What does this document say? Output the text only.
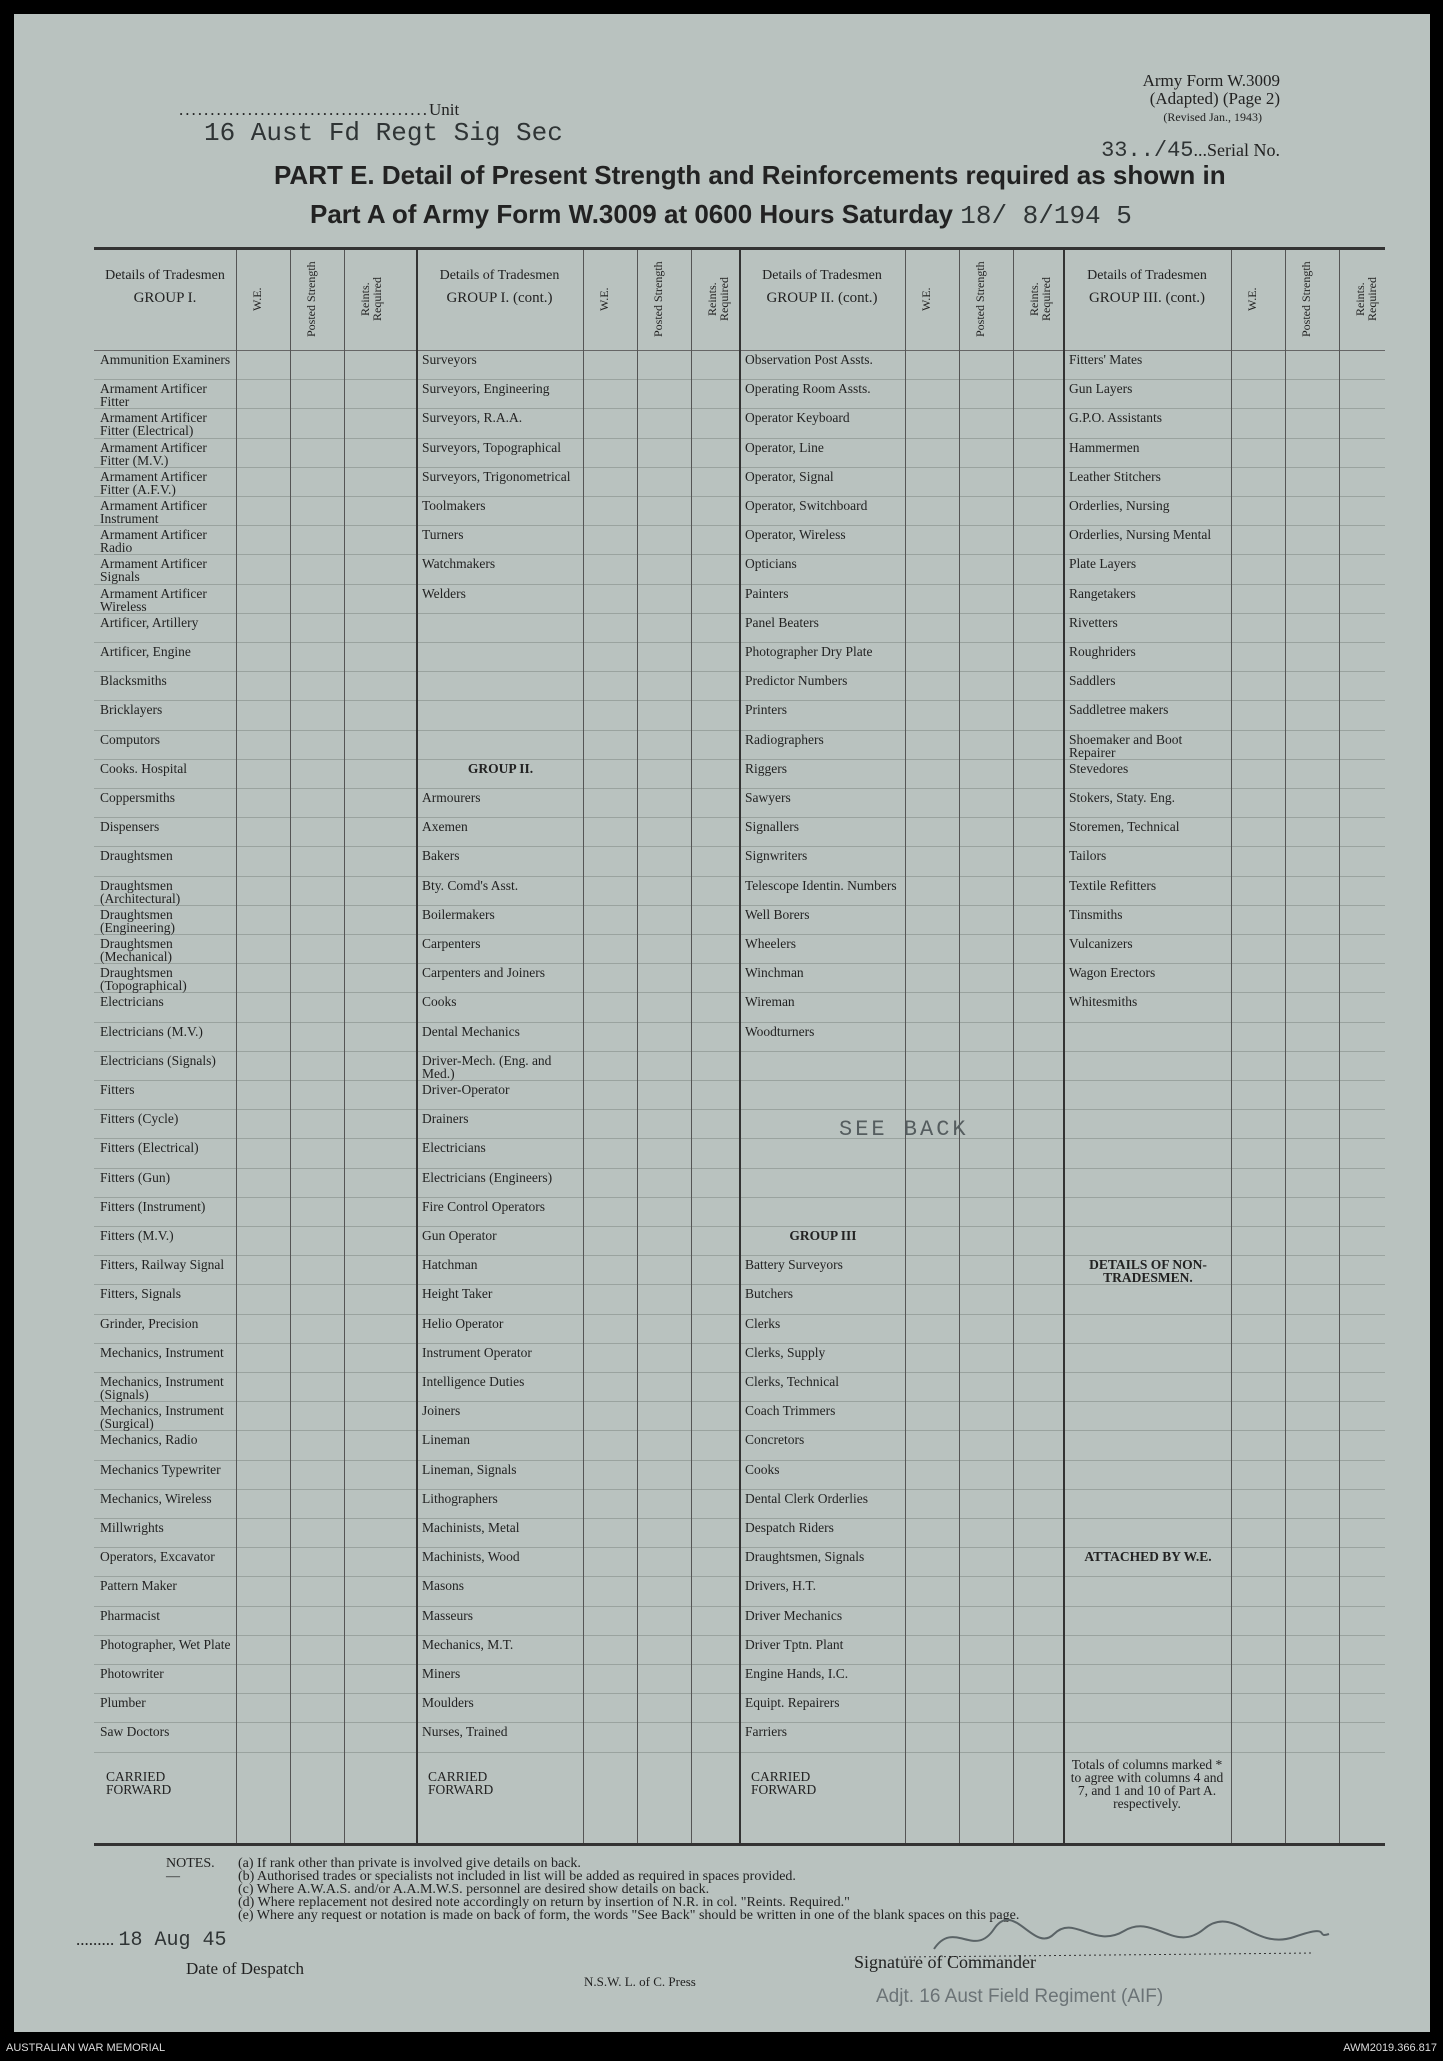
Army Form W.3009
(Adapted) (Page 2)
(Revised Jan., 1943)
........................................Unit
16 Aust Fd Regt Sig Sec
33../45...Serial No.
PART E. Detail of Present Strength and Reinforcements required as shown in
Part A of Army Form W.3009 at 0600 Hours Saturday 18/ 8/194 5
Details of Tradesmen
GROUP I.	W.E.	Posted Strength	Reints. Required
Ammunition Examiners
Armament Artificer Fitter
Armament Artificer Fitter (Electrical)
Armament Artificer Fitter (M.V.)
Armament Artificer Fitter (A.F.V.)
Armament Artificer Instrument
Armament Artificer Radio
Armament Artificer Signals
Armament Artificer Wireless
Artificer, Artillery
Artificer, Engine
Blacksmiths
Bricklayers
Computors
Cooks. Hospital
Coppersmiths
Dispensers
Draughtsmen
Draughtsmen (Architectural)
Draughtsmen (Engineering)
Draughtsmen (Mechanical)
Draughtsmen (Topographical)
Electricians
Electricians (M.V.)
Electricians (Signals)
Fitters
Fitters (Cycle)
Fitters (Electrical)
Fitters (Gun)
Fitters (Instrument)
Fitters (M.V.)
Fitters, Railway Signal
Fitters, Signals
Grinder, Precision
Mechanics, Instrument
Mechanics, Instrument (Signals)
Mechanics, Instrument (Surgical)
Mechanics, Radio
Mechanics Typewriter
Mechanics, Wireless
Millwrights
Operators, Excavator
Pattern Maker
Pharmacist
Photographer, Wet Plate
Photowriter
Plumber
Saw Doctors
CARRIED FORWARD
Details of Tradesmen
GROUP I. (cont.)	W.E.	Posted Strength	Reints. Required
Surveyors
Surveyors, Engineering
Surveyors, R.A.A.
Surveyors, Topographical
Surveyors, Trigonometrical
Toolmakers
Turners
Watchmakers
Welders
GROUP II.
Armourers
Axemen
Bakers
Bty. Comd's Asst.
Boilermakers
Carpenters
Carpenters and Joiners
Cooks
Dental Mechanics
Driver-Mech. (Eng. and Med.)
Driver-Operator
Drainers
Electricians
Electricians (Engineers)
Fire Control Operators
Gun Operator
Hatchman
Height Taker
Helio Operator
Instrument Operator
Intelligence Duties
Joiners
Lineman
Lineman, Signals
Lithographers
Machinists, Metal
Machinists, Wood
Masons
Masseurs
Mechanics, M.T.
Miners
Moulders
Nurses, Trained
CARRIED FORWARD
Details of Tradesmen
GROUP II. (cont.)	W.E.	Posted Strength	Reints. Required
Observation Post Assts.
Operating Room Assts.
Operator Keyboard
Operator, Line
Operator, Signal
Operator, Switchboard
Operator, Wireless
Opticians
Painters
Panel Beaters
Photographer Dry Plate
Predictor Numbers
Printers
Radiographers
Riggers
Sawyers
Signallers
Signwriters
Telescope Identin. Numbers
Well Borers
Wheelers
Winchman
Wireman
Woodturners
GROUP III
Battery Surveyors
Butchers
Clerks
Clerks, Supply
Clerks, Technical
Coach Trimmers
Concretors
Cooks
Dental Clerk Orderlies
Despatch Riders
Draughtsmen, Signals
Drivers, H.T.
Driver Mechanics
Driver Tptn. Plant
Engine Hands, I.C.
Equipt. Repairers
Farriers
CARRIED FORWARD
Details of Tradesmen
GROUP III. (cont.)	W.E.	Posted Strength	Reints. Required
Fitters' Mates
Gun Layers
G.P.O. Assistants
Hammermen
Leather Stitchers
Orderlies, Nursing
Orderlies, Nursing Mental
Plate Layers
Rangetakers
Rivetters
Roughriders
Saddlers
Saddletree makers
Shoemaker and Boot Repairer
Stevedores
Stokers, Staty. Eng.
Storemen, Technical
Tailors
Textile Refitters
Tinsmiths
Vulcanizers
Wagon Erectors
Whitesmiths
DETAILS OF NON-TRADESMEN.
ATTACHED BY W.E.
Totals of columns marked * to agree with columns 4 and 7, and 1 and 10 of Part A. respectively.
SEE BACK
NOTES.—
(a) If rank other than private is involved give details on back.
(b) Authorised trades or specialists not included in list will be added as required in spaces provided.
(c) Where A.W.A.S. and/or A.A.M.W.S. personnel are desired show details on back.
(d) Where replacement not desired note accordingly on return by insertion of N.R. in col. "Reints. Required."
(e) Where any request or notation is made on back of form, the words "See Back" should be written in one of the blank spaces on this page.
......... 18 Aug 45
Date of Despatch
N.S.W. L. of C. Press
Signature of Commander
Adjt. 16 Aust Field Regiment (AIF)
AUSTRALIAN WAR MEMORIAL	AWM2019.366.817
